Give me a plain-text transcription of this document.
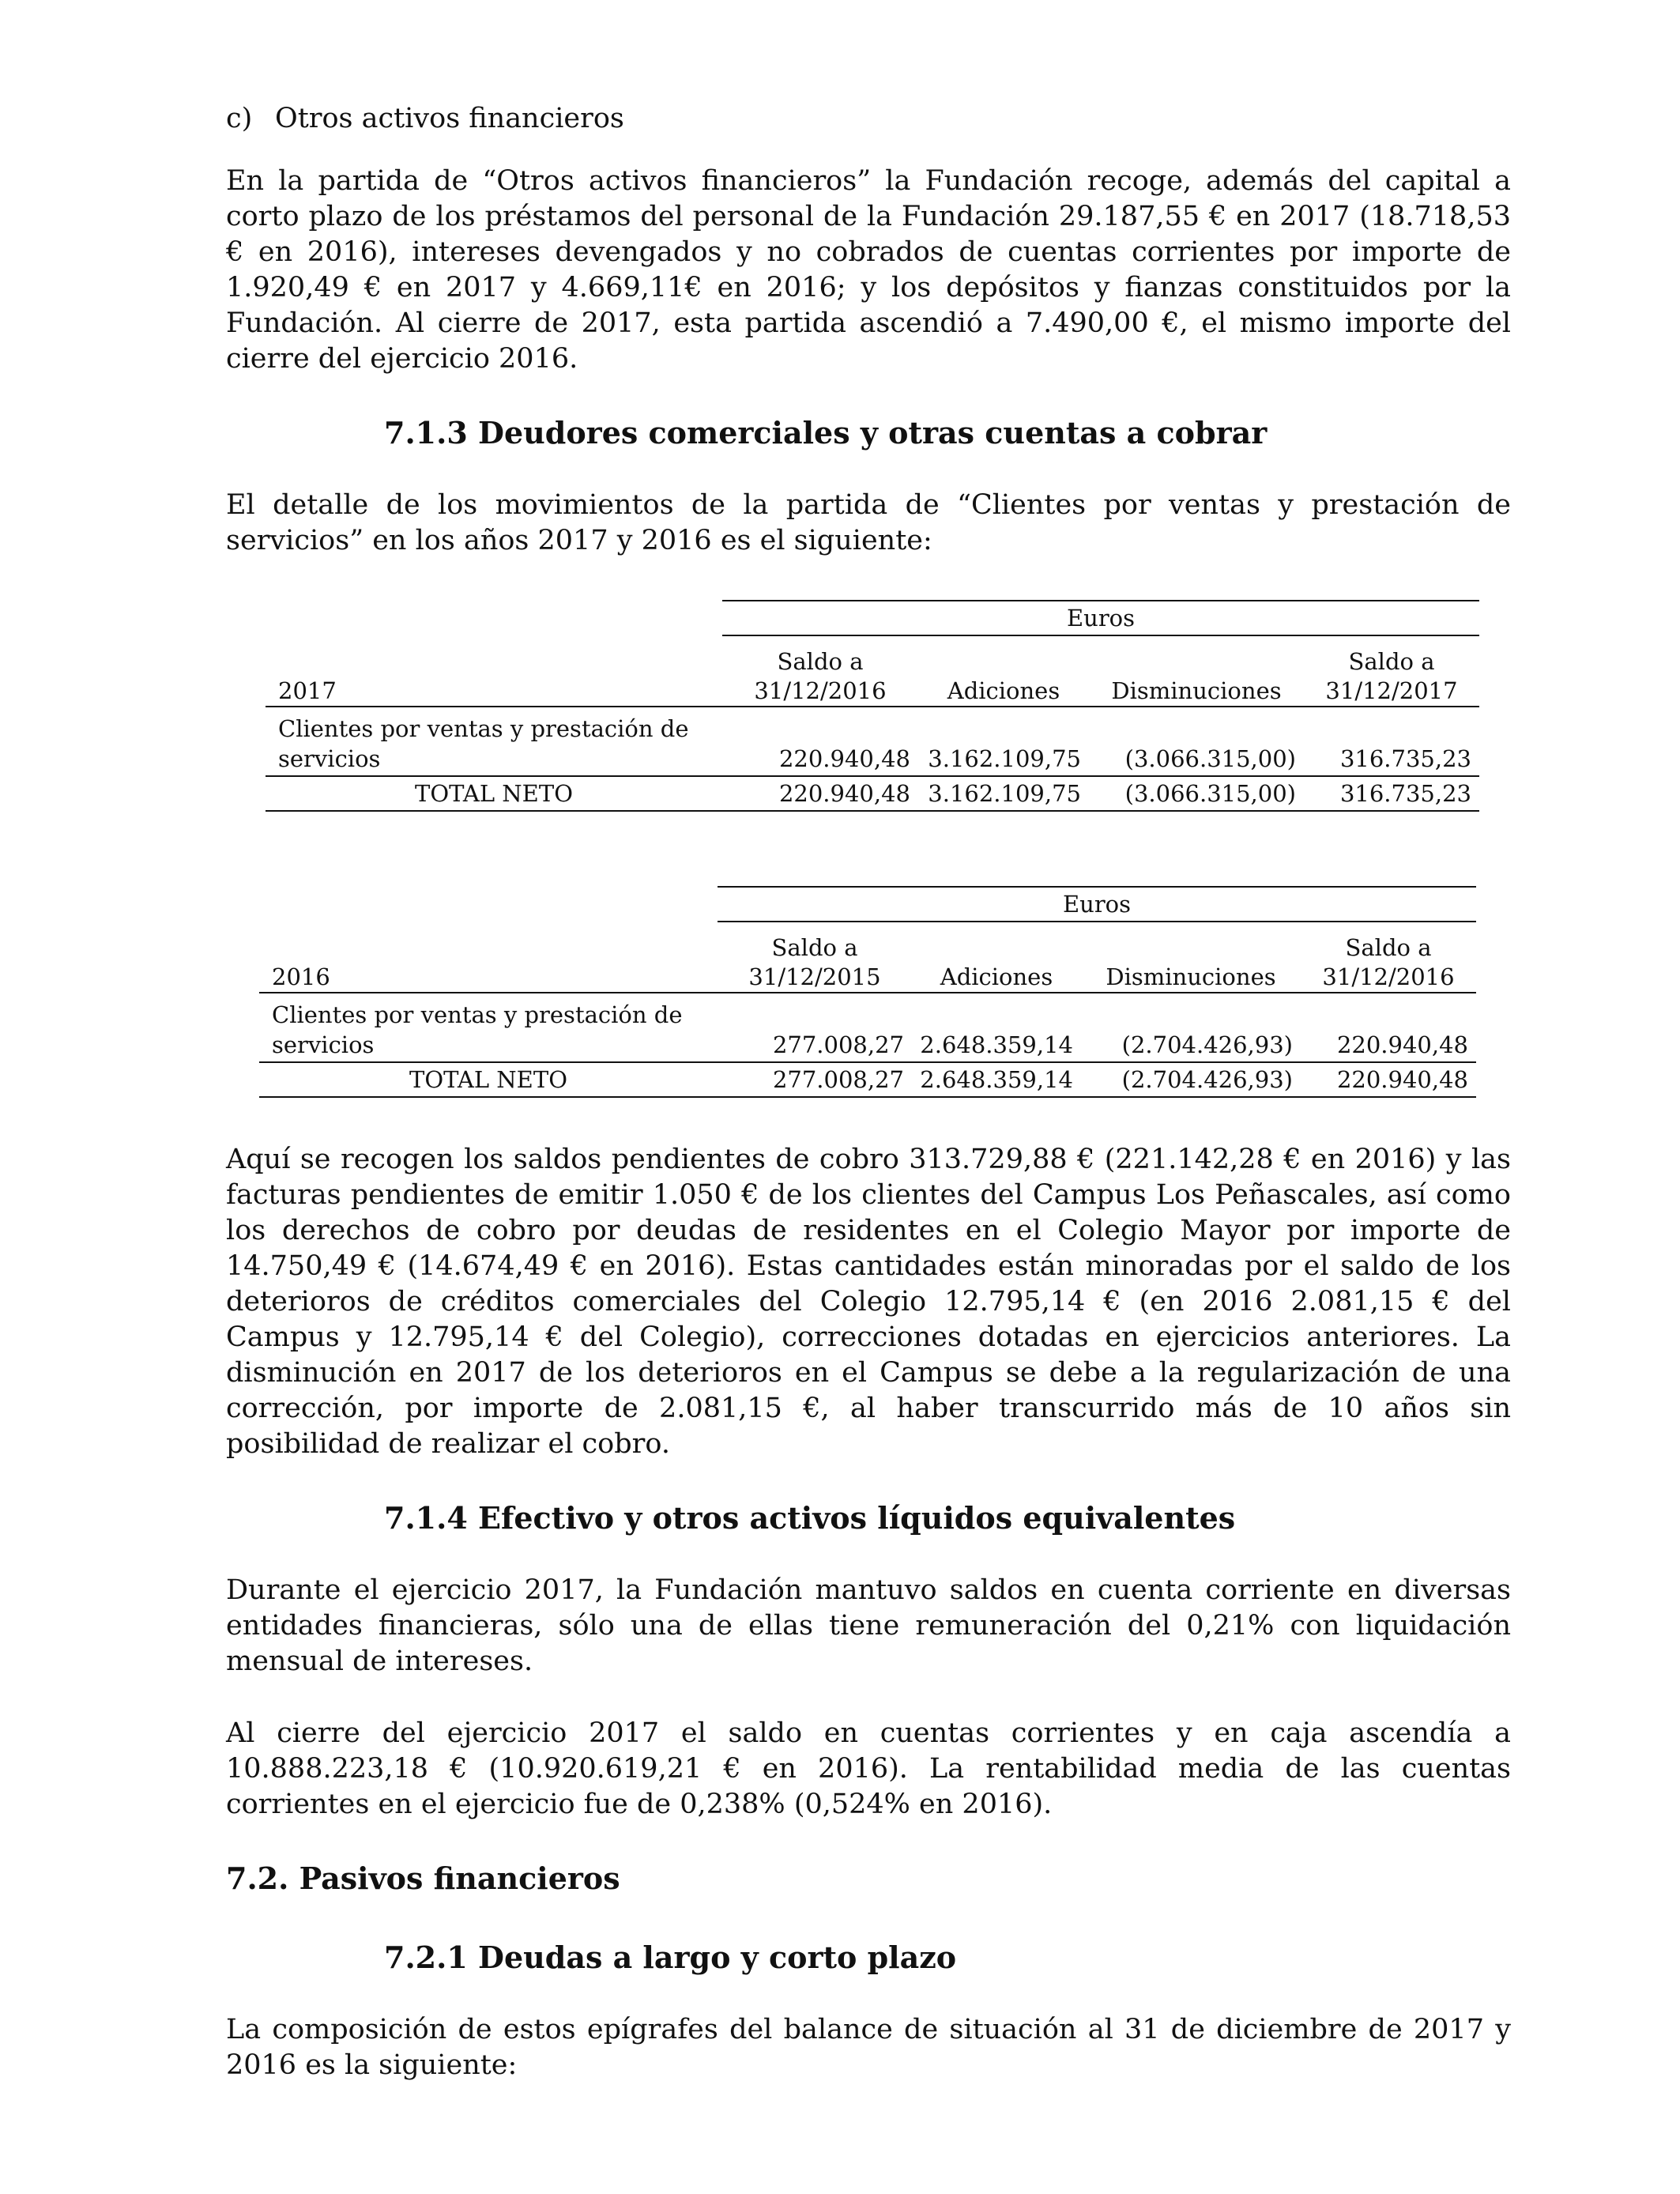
c) Otros activos financieros

En la partida de “Otros activos financieros” la Fundación recoge, además del capital a corto plazo de los préstamos del personal de la Fundación 29.187,55 € en 2017 (18.718,53 € en 2016), intereses devengados y no cobrados de cuentas corrientes por importe de 1.920,49 € en 2017 y 4.669,11€ en 2016; y los depósitos y fianzas constituidos por la Fundación. Al cierre de 2017, esta partida ascendió a 7.490,00 €, el mismo importe del cierre del ejercicio 2016.

7.1.3 Deudores comerciales y otras cuentas a cobrar

El detalle de los movimientos de la partida de “Clientes por ventas y prestación de servicios” en los años 2017 y 2016 es el siguiente:

	Euros			
2017	Saldo a
31/12/2016	Adiciones	Disminuciones	Saldo a
31/12/2017
Clientes por ventas y prestación de
servicios	220.940,48	3.162.109,75	(3.066.315,00)	316.735,23
TOTAL NETO	220.940,48	3.162.109,75	(3.066.315,00)	316.735,23
	Euros			
2016	Saldo a
31/12/2015	Adiciones	Disminuciones	Saldo a
31/12/2016
Clientes por ventas y prestación de
servicios	277.008,27	2.648.359,14	(2.704.426,93)	220.940,48
TOTAL NETO	277.008,27	2.648.359,14	(2.704.426,93)	220.940,48

Aquí se recogen los saldos pendientes de cobro 313.729,88 € (221.142,28 € en 2016) y las facturas pendientes de emitir 1.050 € de los clientes del Campus Los Peñascales, así como los derechos de cobro por deudas de residentes en el Colegio Mayor por importe de 14.750,49 € (14.674,49 € en 2016). Estas cantidades están minoradas por el saldo de los deterioros de créditos comerciales del Colegio 12.795,14 € (en 2016 2.081,15 € del Campus y 12.795,14 € del Colegio), correcciones dotadas en ejercicios anteriores. La disminución en 2017 de los deterioros en el Campus se debe a la regularización de una corrección, por importe de 2.081,15 €, al haber transcurrido más de 10 años sin posibilidad de realizar el cobro.

7.1.4 Efectivo y otros activos líquidos equivalentes

Durante el ejercicio 2017, la Fundación mantuvo saldos en cuenta corriente en diversas entidades financieras, sólo una de ellas tiene remuneración del 0,21% con liquidación mensual de intereses.

Al cierre del ejercicio 2017 el saldo en cuentas corrientes y en caja ascendía a 10.888.223,18 € (10.920.619,21 € en 2016). La rentabilidad media de las cuentas corrientes en el ejercicio fue de 0,238% (0,524% en 2016).

7.2. Pasivos financieros
7.2.1 Deudas a largo y corto plazo

La composición de estos epígrafes del balance de situación al 31 de diciembre de 2017 y 2016 es la siguiente:
